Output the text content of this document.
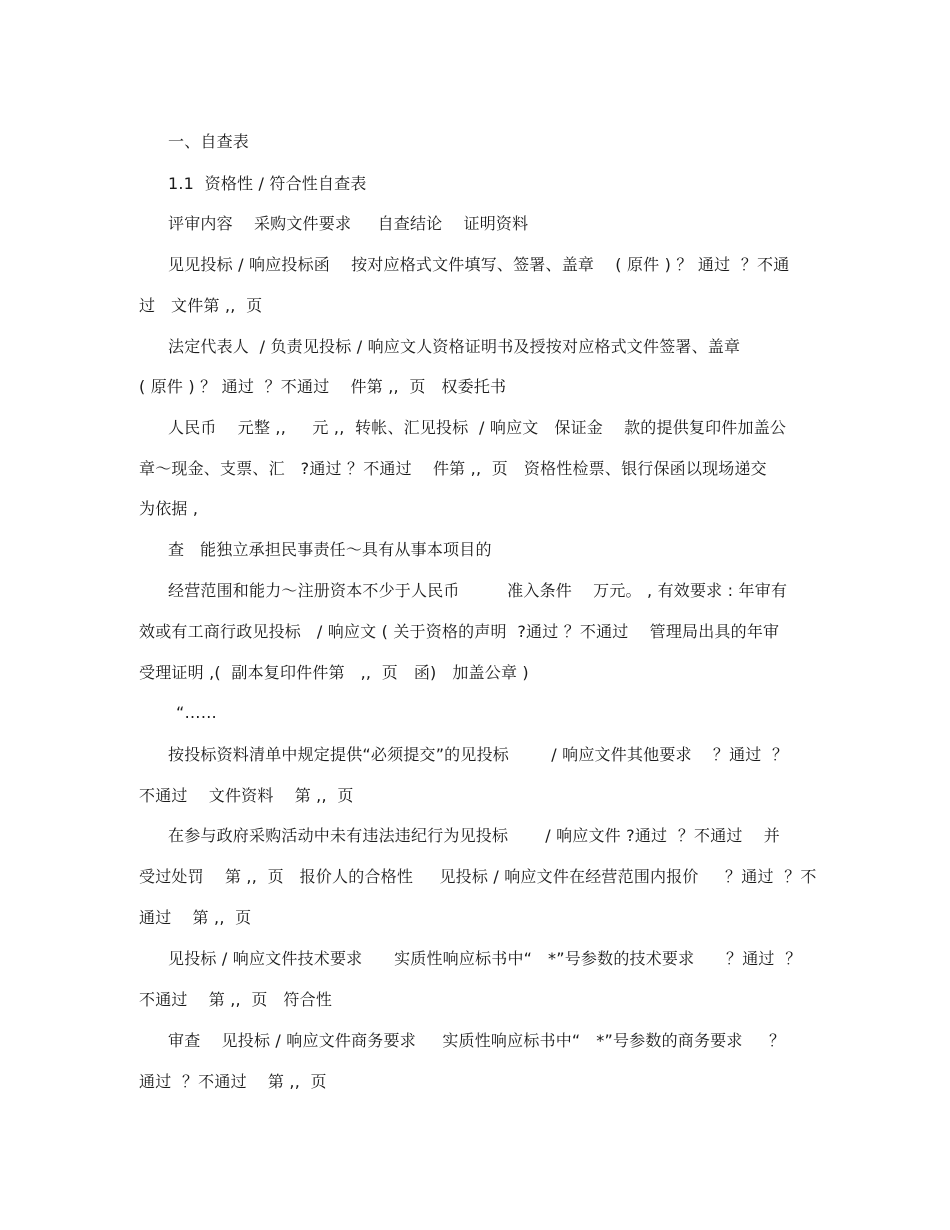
一、自查表
1.1  资格性 / 符合性自查表
评审内容    采购文件要求     自查结论    证明资料
见见投标 / 响应投标函    按对应格式文件填写、签署、盖章    ( 原件 ) ？ 通过  ？不通
过   文件第 ,,  页
法定代表人  / 负责见投标 / 响应文人资格证明书及授按对应格式文件签署、盖章
( 原件 ) ？ 通过  ？不通过    件第 ,,  页   权委托书
人民币    元整 ,,     元 ,,  转帐、汇见投标  / 响应文   保证金    款的提供复印件加盖公
章～现金、支票、汇   ?通过 ？不通过    件第 ,,  页   资格性检票、银行保函以现场递交
为依据 ,
查   能独立承担民事责任～具有从事本项目的
经营范围和能力～注册资本不少于人民币         准入条件    万元。 , 有效要求 : 年审有
效或有工商行政见投标   / 响应文 ( 关于资格的声明  ?通过 ？不通过    管理局出具的年审
受理证明 ,(  副本复印件件第   ,,  页   函)   加盖公章 )
“……
按投标资料清单中规定提供“必须提交”的见投标        / 响应文件其他要求    ？通过  ？
不通过    文件资料    第 ,,  页
在参与政府采购活动中未有违法违纪行为见投标       / 响应文件 ?通过  ？不通过    并
受过处罚    第 ,,  页   报价人的合格性     见投标 / 响应文件在经营范围内报价     ？通过  ？不
通过    第 ,,  页
见投标 / 响应文件技术要求      实质性响应标书中“   *”号参数的技术要求      ？通过  ？
不通过    第 ,,  页   符合性
审查    见投标 / 响应文件商务要求     实质性响应标书中“   *”号参数的商务要求     ？
通过  ？不通过    第 ,,  页
